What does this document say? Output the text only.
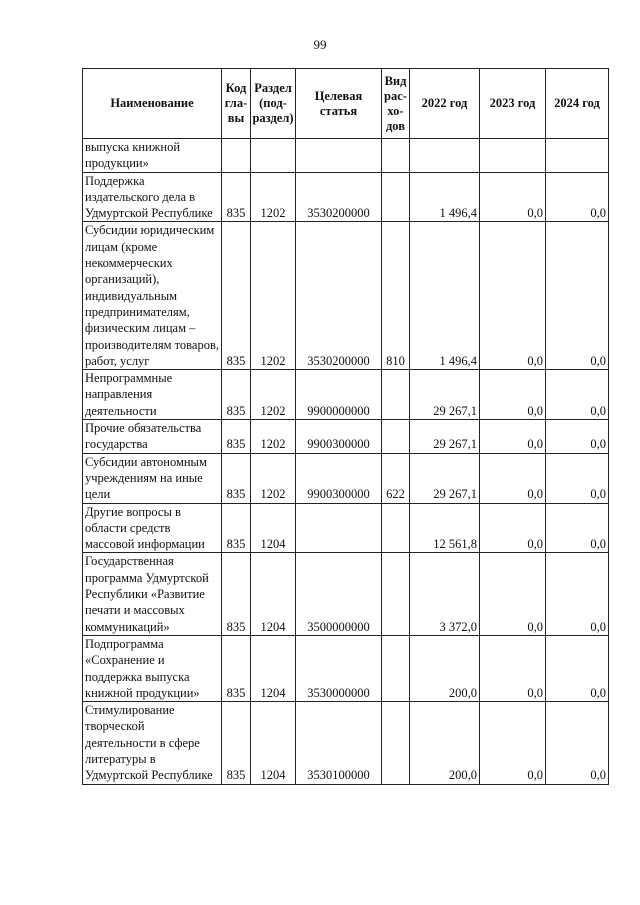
99
Наименование	Код гла-вы	Раздел (под-раздел)	Целевая статья	Вид рас-хо-дов	2022 год	2023 год	2024 год
выпуска книжной продукции»							
Поддержка издательского дела в Удмуртской Республике	835	1202	3530200000		1 496,4	0,0	0,0
Субсидии юридическим лицам (кроме некоммерческих организаций), индивидуальным предпринимателям, физическим лицам – производителям товаров, работ, услуг	835	1202	3530200000	810	1 496,4	0,0	0,0
Непрограммные направления деятельности	835	1202	9900000000		29 267,1	0,0	0,0
Прочие обязательства государства	835	1202	9900300000		29 267,1	0,0	0,0
Субсидии автономным учреждениям на иные цели	835	1202	9900300000	622	29 267,1	0,0	0,0
Другие вопросы в области средств массовой информации	835	1204			12 561,8	0,0	0,0
Государственная программа Удмуртской Республики «Развитие печати и массовых коммуникаций»	835	1204	3500000000		3 372,0	0,0	0,0
Подпрограмма «Сохранение и поддержка выпуска книжной продукции»	835	1204	3530000000		200,0	0,0	0,0
Стимулирование творческой деятельности в сфере литературы в Удмуртской Республике	835	1204	3530100000		200,0	0,0	0,0
